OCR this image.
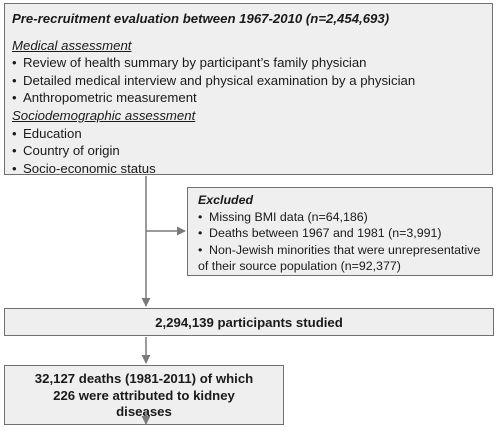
Pre-recruitment evaluation between 1967-2010 (n=2,454,693)
Medical assessment
• Review of health summary by participant’s family physician
• Detailed medical interview and physical examination by a physician
• Anthropometric measurement
Sociodemographic assessment
• Education
• Country of origin
• Socio-economic status
Excluded
• Missing BMI data (n=64,186)
• Deaths between 1967 and 1981 (n=3,991)
• Non-Jewish minorities that were unrepresentative
of their source population (n=92,377)
2,294,139 participants studied
32,127 deaths (1981-2011) of which
226 were attributed to kidney
diseases
